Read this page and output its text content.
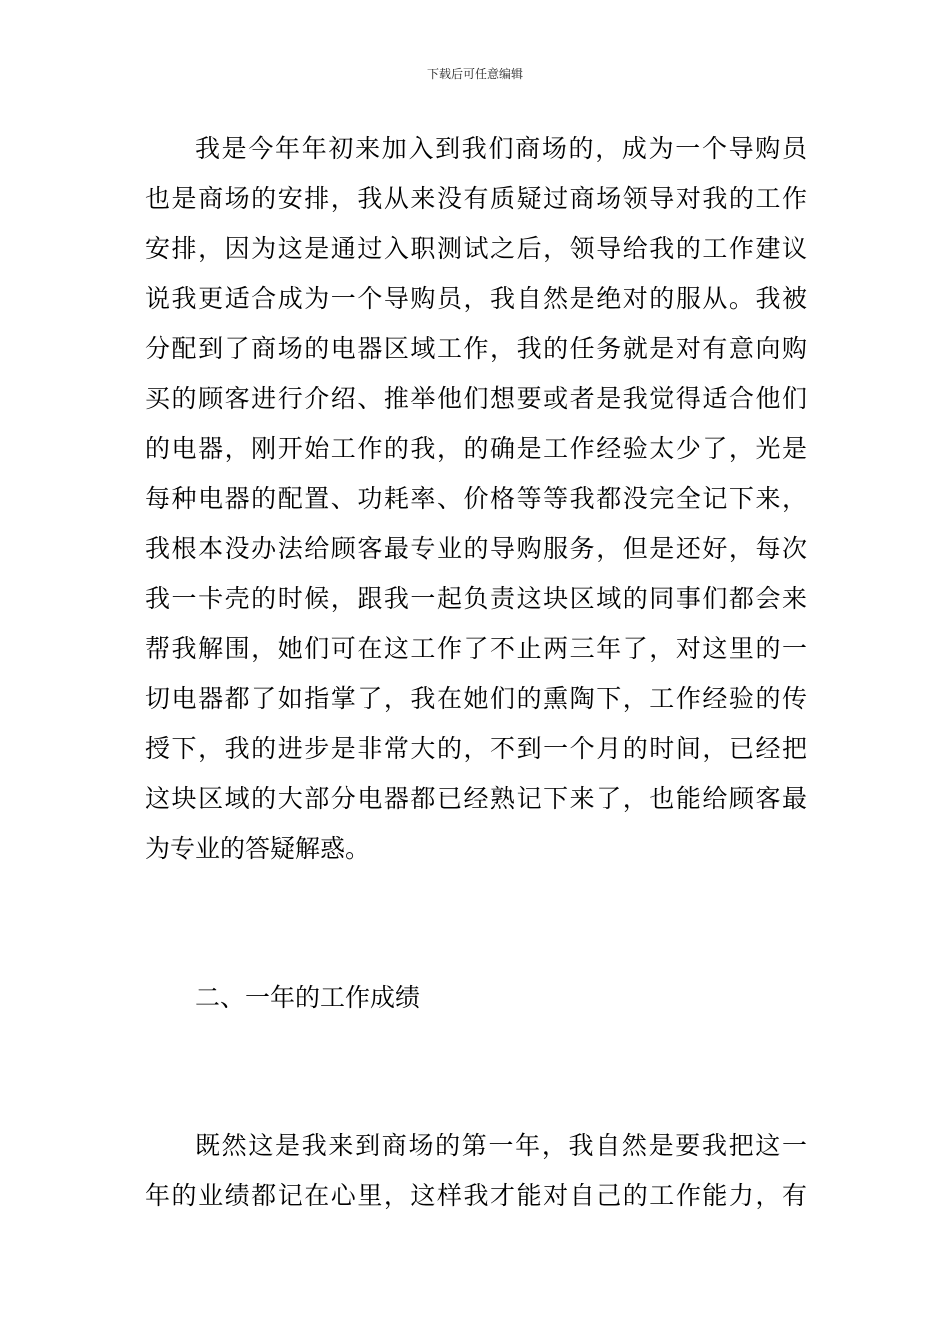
下载后可任意编辑
我是今年年初来加入到我们商场的，成为一个导购员
也是商场的安排，我从来没有质疑过商场领导对我的工作
安排，因为这是通过入职测试之后，领导给我的工作建议
说我更适合成为一个导购员，我自然是绝对的服从。我被
分配到了商场的电器区域工作，我的任务就是对有意向购
买的顾客进行介绍、推举他们想要或者是我觉得适合他们
的电器，刚开始工作的我，的确是工作经验太少了，光是
每种电器的配置、功耗率、价格等等我都没完全记下来，
我根本没办法给顾客最专业的导购服务，但是还好，每次
我一卡壳的时候，跟我一起负责这块区域的同事们都会来
帮我解围，她们可在这工作了不止两三年了，对这里的一
切电器都了如指掌了，我在她们的熏陶下，工作经验的传
授下，我的进步是非常大的，不到一个月的时间，已经把
这块区域的大部分电器都已经熟记下来了，也能给顾客最
为专业的答疑解惑。
二、一年的工作成绩
既然这是我来到商场的第一年，我自然是要我把这一
年的业绩都记在心里，这样我才能对自己的工作能力，有
